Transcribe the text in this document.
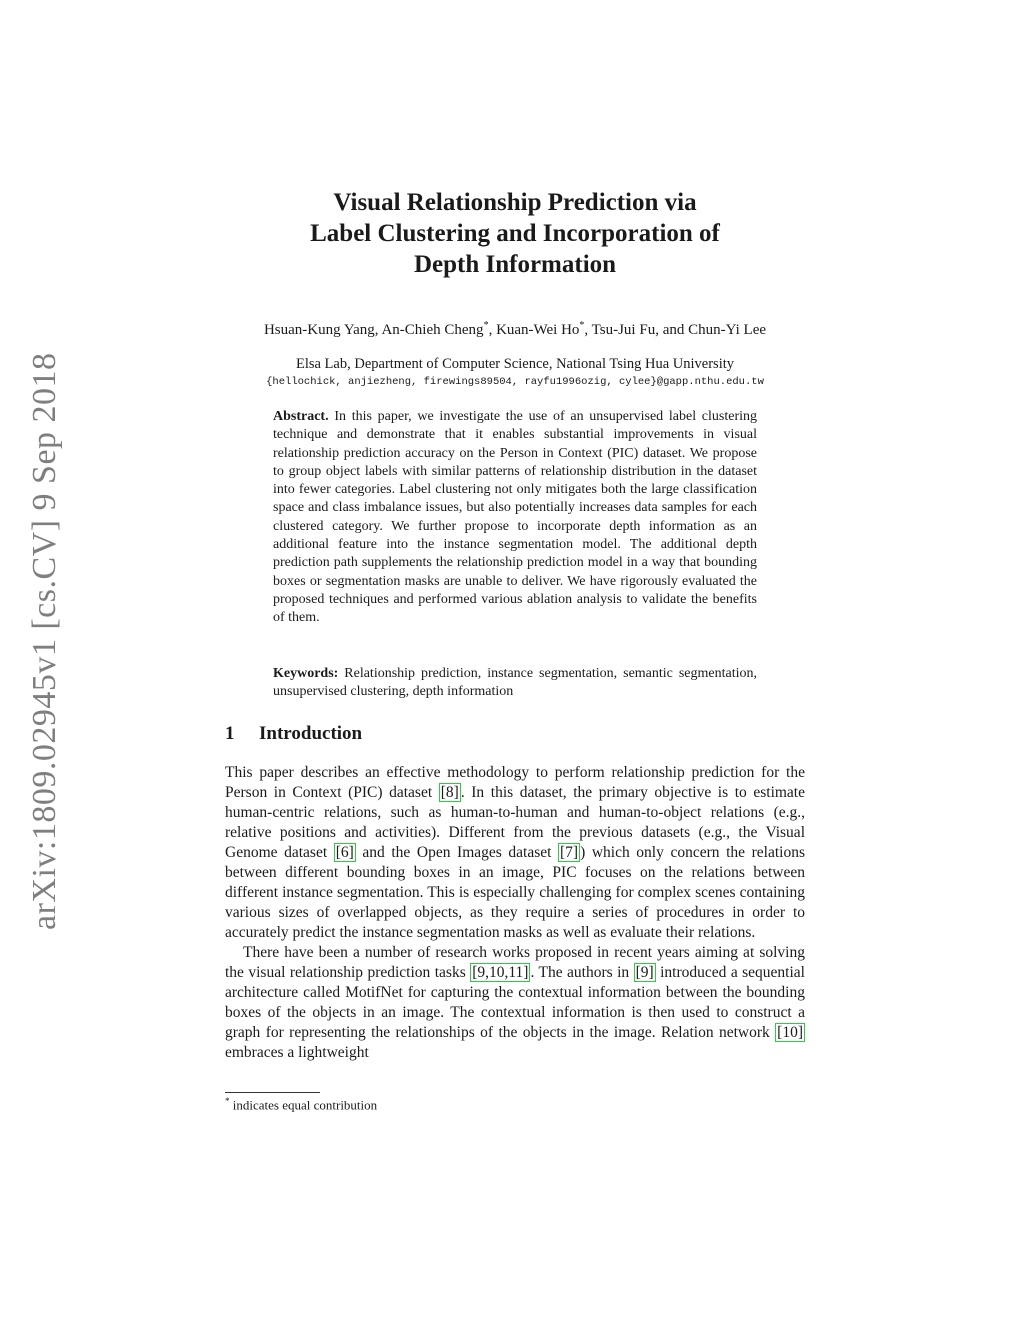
arXiv:1809.02945v1 [cs.CV] 9 Sep 2018
Visual Relationship Prediction via
Label Clustering and Incorporation of
Depth Information
Hsuan-Kung Yang, An-Chieh Cheng*, Kuan-Wei Ho*, Tsu-Jui Fu, and Chun-Yi Lee
Elsa Lab, Department of Computer Science, National Tsing Hua University
{hellochick, anjiezheng, firewings89504, rayfu1996ozig, cylee}@gapp.nthu.edu.tw
Abstract. In this paper, we investigate the use of an unsupervised label clustering technique and demonstrate that it enables substantial improvements in visual relationship prediction accuracy on the Person in Context (PIC) dataset. We propose to group object labels with similar patterns of relationship distribution in the dataset into fewer categories. Label clustering not only mitigates both the large classification space and class imbalance issues, but also potentially increases data samples for each clustered category. We further propose to incorporate depth information as an additional feature into the instance segmentation model. The additional depth prediction path supplements the relationship prediction model in a way that bounding boxes or segmentation masks are unable to deliver. We have rigorously evaluated the proposed techniques and performed various ablation analysis to validate the benefits of them.
Keywords: Relationship prediction, instance segmentation, semantic segmentation, unsupervised clustering, depth information
1 Introduction

This paper describes an effective methodology to perform relationship prediction for the Person in Context (PIC) dataset [8] . In this dataset, the primary objective is to estimate human-centric relations, such as human-to-human and human-to-object relations (e.g., relative positions and activities). Different from the previous datasets (e.g., the Visual Genome dataset [6] and the Open Images dataset [7] ) which only concern the relations between different bounding boxes in an image, PIC focuses on the relations between different instance segmentation. This is especially challenging for complex scenes containing various sizes of overlapped objects, as they require a series of procedures in order to accurately predict the instance segmentation masks as well as evaluate their relations.

There have been a number of research works proposed in recent years aiming at solving the visual relationship prediction tasks [9,10,11] . The authors in [9] introduced a sequential architecture called MotifNet for capturing the contextual information between the bounding boxes of the objects in an image. The contextual information is then used to construct a graph for representing the relationships of the objects in the image. Relation network [10] embraces a lightweight

* indicates equal contribution
